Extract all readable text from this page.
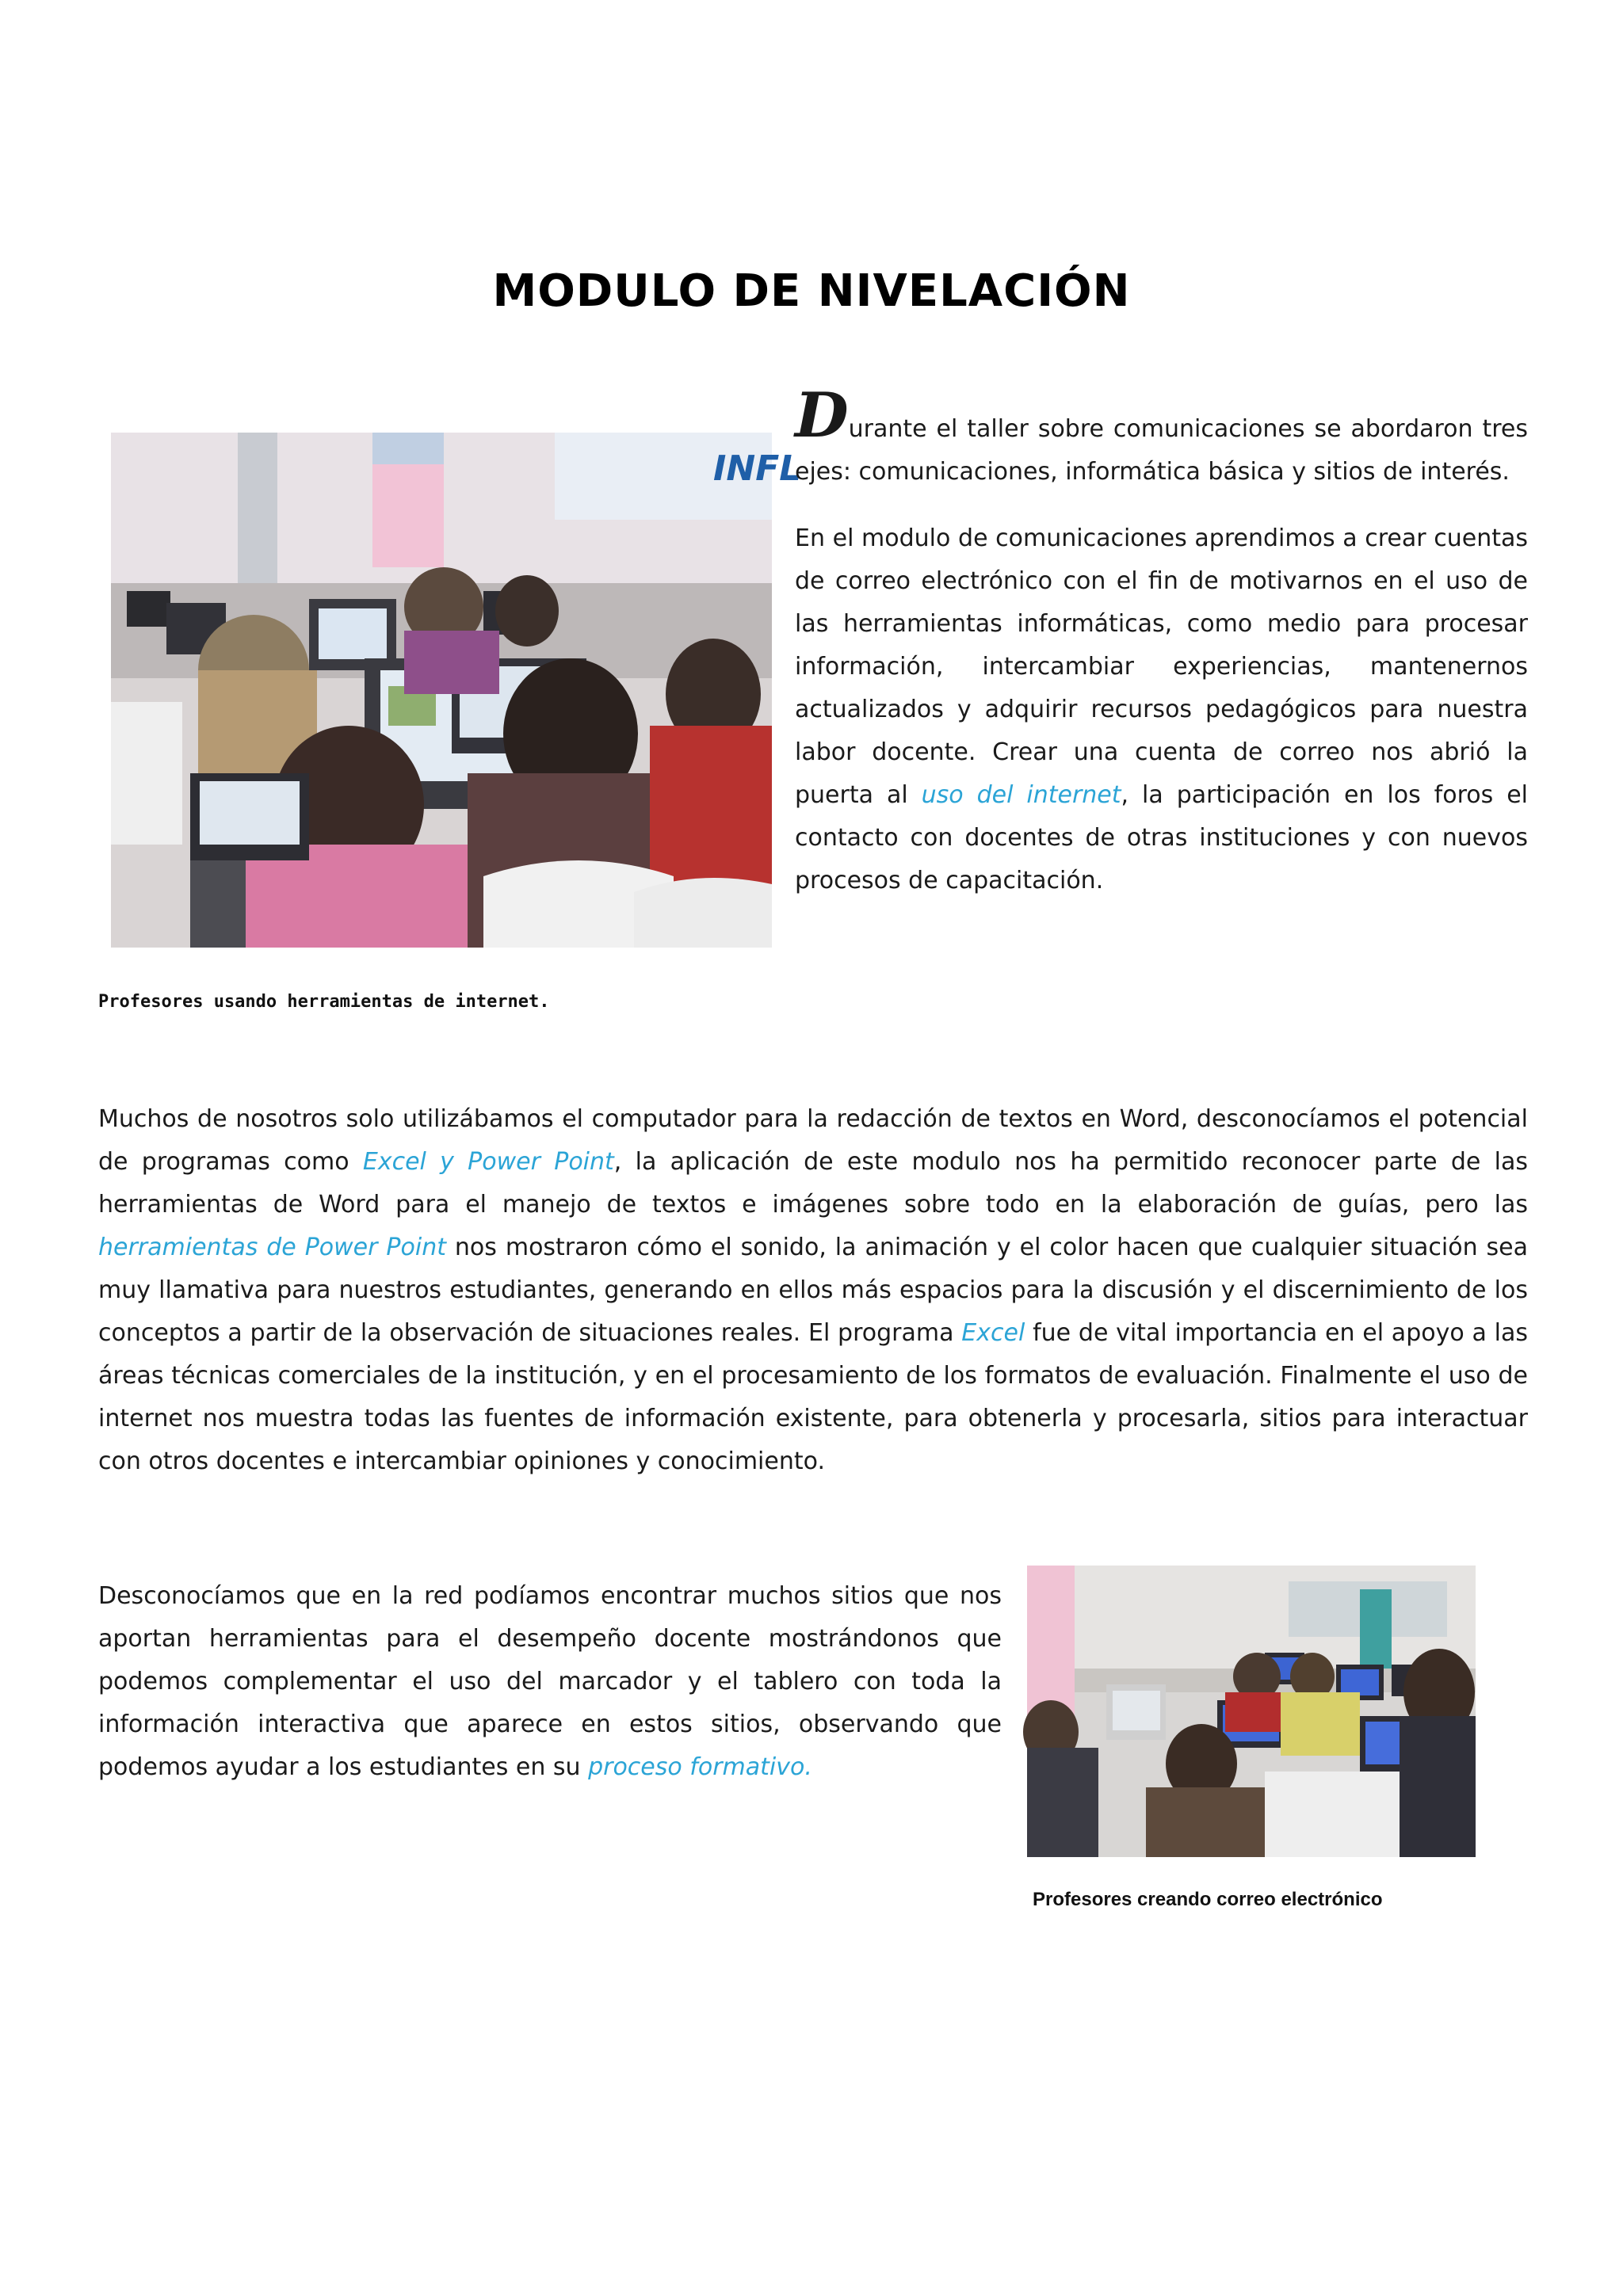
MODULO DE NIVELACIÓN
INFL

Durante el taller sobre comunicaciones se abordaron tres ejes: comunicaciones, informática básica y sitios de interés.

En el modulo de comunicaciones aprendimos a crear cuentas de correo electrónico con el fin de motivarnos en el uso de las herramientas informáticas, como medio para procesar información, intercambiar experiencias, mantenernos actualizados y adquirir recursos pedagógicos para nuestra labor docente. Crear una cuenta de correo nos abrió la puerta al uso del internet, la participación en los foros el contacto con docentes de otras instituciones y con nuevos procesos de capacitación.

Profesores usando herramientas de internet.

Muchos de nosotros solo utilizábamos el computador para la redacción de textos en Word, desconocíamos el potencial de programas como Excel y Power Point, la aplicación de este modulo nos ha permitido reconocer parte de las herramientas de Word para el manejo de textos e imágenes sobre todo en la elaboración de guías, pero las herramientas de Power Point nos mostraron cómo el sonido, la animación y el color hacen que cualquier situación sea muy llamativa para nuestros estudiantes, generando en ellos más espacios para la discusión y el discernimiento de los conceptos a partir de la observación de situaciones reales. El programa Excel fue de vital importancia en el apoyo a las áreas técnicas comerciales de la institución, y en el procesamiento de los formatos de evaluación. Finalmente el uso de internet nos muestra todas las fuentes de información existente, para obtenerla y procesarla, sitios para interactuar con otros docentes e intercambiar opiniones y conocimiento.

Desconocíamos que en la red podíamos encontrar muchos sitios que nos aportan herramientas para el desempeño docente mostrándonos que podemos complementar el uso del marcador y el tablero con toda la información interactiva que aparece en estos sitios, observando que podemos ayudar a los estudiantes en su proceso formativo.

Profesores creando correo electrónico
